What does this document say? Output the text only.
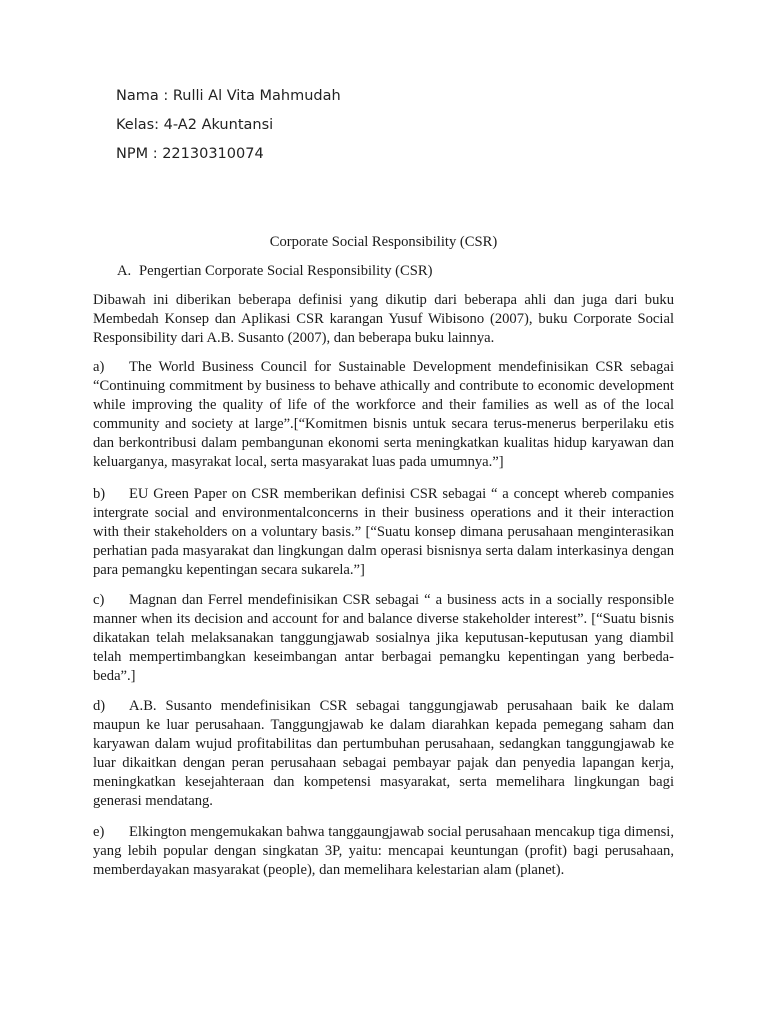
Nama : Rulli Al Vita Mahmudah
Kelas: 4-A2 Akuntansi
NPM : 22130310074
Corporate Social Responsibility (CSR)
A. Pengertian Corporate Social Responsibility (CSR)
Dibawah ini diberikan beberapa definisi yang dikutip dari beberapa ahli dan juga dari buku Membedah Konsep dan Aplikasi CSR karangan Yusuf Wibisono (2007), buku Corporate Social Responsibility dari A.B. Susanto (2007), dan beberapa buku lainnya.
a) The World Business Council for Sustainable Development mendefinisikan CSR sebagai “Continuing commitment by business to behave athically and contribute to economic development while improving the quality of life of the workforce and their families as well as of the local community and society at large”.[“Komitmen bisnis untuk secara terus-menerus berperilaku etis dan berkontribusi dalam pembangunan ekonomi serta meningkatkan kualitas hidup karyawan dan keluarganya, masyrakat local, serta masyarakat luas pada umumnya.”]
b) EU Green Paper on CSR memberikan definisi CSR sebagai “ a concept whereb companies intergrate social and environmentalconcerns in their business operations and it their interaction with their stakeholders on a voluntary basis.” [“Suatu konsep dimana perusahaan menginterasikan perhatian pada masyarakat dan lingkungan dalm operasi bisnisnya serta dalam interkasinya dengan para pemangku kepentingan secara sukarela.”]
c) Magnan dan Ferrel mendefinisikan CSR sebagai “ a business acts in a socially responsible manner when its decision and account for and balance diverse stakeholder interest”. [“Suatu bisnis dikatakan telah melaksanakan tanggungjawab sosialnya jika keputusan-keputusan yang diambil telah mempertimbangkan keseimbangan antar berbagai pemangku kepentingan yang berbeda-beda”.]
d) A.B. Susanto mendefinisikan CSR sebagai tanggungjawab perusahaan baik ke dalam maupun ke luar perusahaan. Tanggungjawab ke dalam diarahkan kepada pemegang saham dan karyawan dalam wujud profitabilitas dan pertumbuhan perusahaan, sedangkan tanggungjawab ke luar dikaitkan dengan peran perusahaan sebagai pembayar pajak dan penyedia lapangan kerja, meningkatkan kesejahteraan dan kompetensi masyarakat, serta memelihara lingkungan bagi generasi mendatang.
e) Elkington mengemukakan bahwa tanggaungjawab social perusahaan mencakup tiga dimensi, yang lebih popular dengan singkatan 3P, yaitu: mencapai keuntungan (profit) bagi perusahaan, memberdayakan masyarakat (people), dan memelihara kelestarian alam (planet).
